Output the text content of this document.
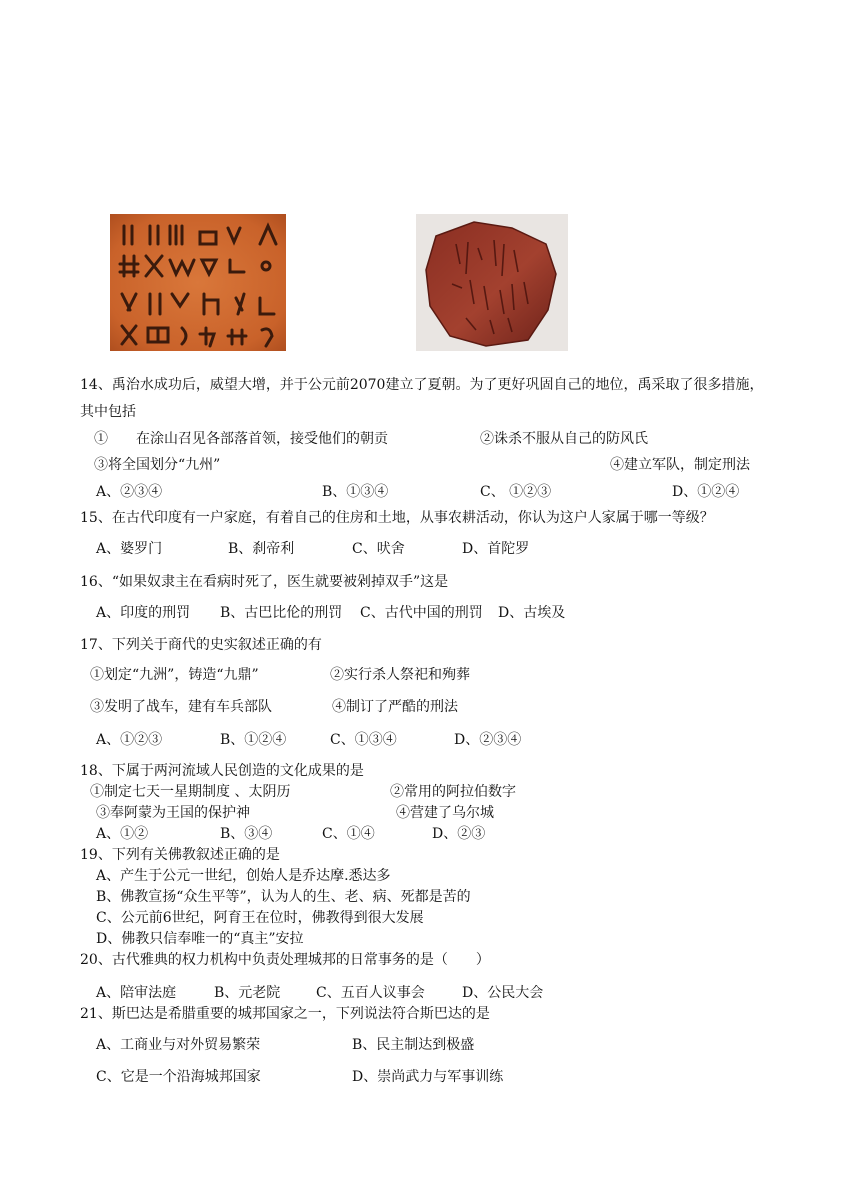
14、禹治水成功后，威望大增，并于公元前2070建立了夏朝。为了更好巩固自己的地位，禹采取了很多措施，
其中包括
①　　在涂山召见各部落首领，接受他们的朝贡	②诛杀不服从自己的防风氏
③将全国划分“九州”	④建立军队，制定刑法
A、②③④	B、①③④	C、 ①②③	D、①②④
15、在古代印度有一户家庭，有着自己的住房和土地，从事农耕活动，你认为这户人家属于哪一等级？
A、婆罗门	B、刹帝利	C、吠舍	D、首陀罗
16、“如果奴隶主在看病时死了，医生就要被剁掉双手”这是
A、印度的刑罚 B、古巴比伦的刑罚 C、古代中国的刑罚 D、古埃及
17、下列关于商代的史实叙述正确的有
①划定“九洲”，铸造“九鼎”	②实行杀人祭祀和殉葬
③发明了战车，建有车兵部队	④制订了严酷的刑法
A、①②③	B、①②④	C、①③④	D、②③④
18、下属于两河流域人民创造的文化成果的是
①制定七天一星期制度 、太阴历	②常用的阿拉伯数字
③奉阿蒙为王国的保护神	④营建了乌尔城
A、①②	B、③④	C、①④	D、②③
19、下列有关佛教叙述正确的是
A、产生于公元一世纪，创始人是乔达摩.悉达多
B、佛教宣扬“众生平等”，认为人的生、老、病、死都是苦的
C、公元前6世纪，阿育王在位时，佛教得到很大发展
D、佛教只信奉唯一的“真主”安拉
20、古代雅典的权力机构中负责处理城邦的日常事务的是（　　）
A、陪审法庭	B、元老院	C、五百人议事会	D、公民大会
21、斯巴达是希腊重要的城邦国家之一，下列说法符合斯巴达的是
A、工商业与对外贸易繁荣	B、民主制达到极盛
C、它是一个沿海城邦国家	D、崇尚武力与军事训练
